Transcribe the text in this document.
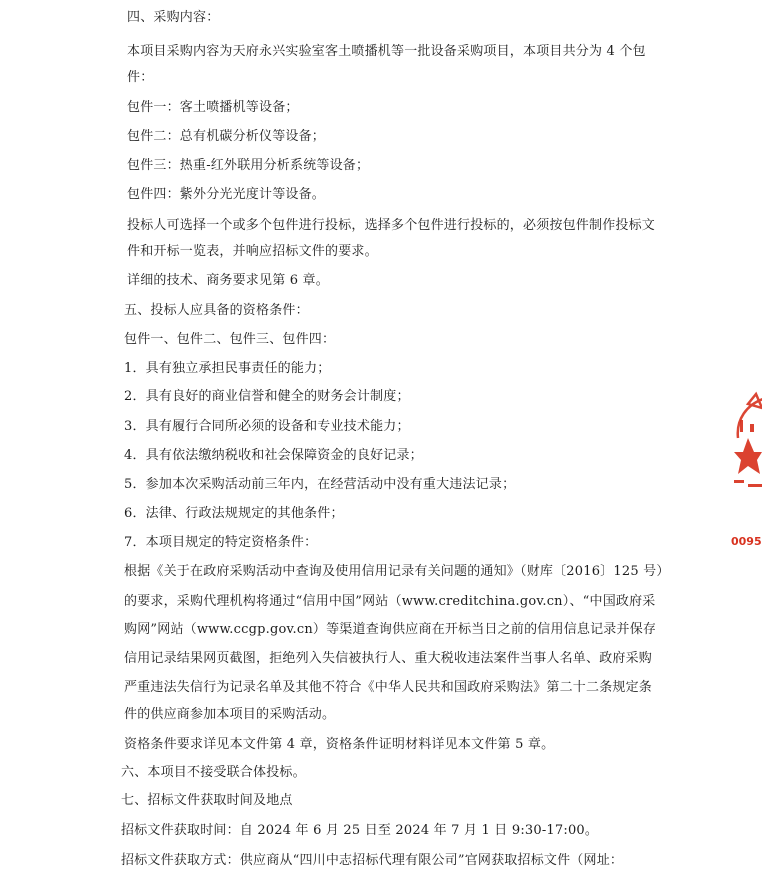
四、采购内容：
本项目采购内容为天府永兴实验室客土喷播机等一批设备采购项目，本项目共分为 4 个包
件：
包件一：客土喷播机等设备；
包件二：总有机碳分析仪等设备；
包件三：热重-红外联用分析系统等设备；
包件四：紫外分光光度计等设备。
投标人可选择一个或多个包件进行投标，选择多个包件进行投标的，必须按包件制作投标文
件和开标一览表，并响应招标文件的要求。
详细的技术、商务要求见第 6 章。
五、投标人应具备的资格条件：
包件一、包件二、包件三、包件四：
1．具有独立承担民事责任的能力；
2．具有良好的商业信誉和健全的财务会计制度；
3．具有履行合同所必须的设备和专业技术能力；
4．具有依法缴纳税收和社会保障资金的良好记录；
5．参加本次采购活动前三年内，在经营活动中没有重大违法记录；
6．法律、行政法规规定的其他条件；
7．本项目规定的特定资格条件：
根据《关于在政府采购活动中查询及使用信用记录有关问题的通知》（财库〔2016〕125 号）
的要求，采购代理机构将通过“信用中国”网站（www.creditchina.gov.cn）、“中国政府采
购网”网站（www.ccgp.gov.cn）等渠道查询供应商在开标当日之前的信用信息记录并保存
信用记录结果网页截图，拒绝列入失信被执行人、重大税收违法案件当事人名单、政府采购
严重违法失信行为记录名单及其他不符合《中华人民共和国政府采购法》第二十二条规定条
件的供应商参加本项目的采购活动。
资格条件要求详见本文件第 4 章，资格条件证明材料详见本文件第 5 章。
六、本项目不接受联合体投标。
七、招标文件获取时间及地点
招标文件获取时间：自 2024 年 6 月 25 日至 2024 年 7 月 1 日 9:30-17:00。
招标文件获取方式：供应商从“四川中志招标代理有限公司”官网获取招标文件（网址：
0095
